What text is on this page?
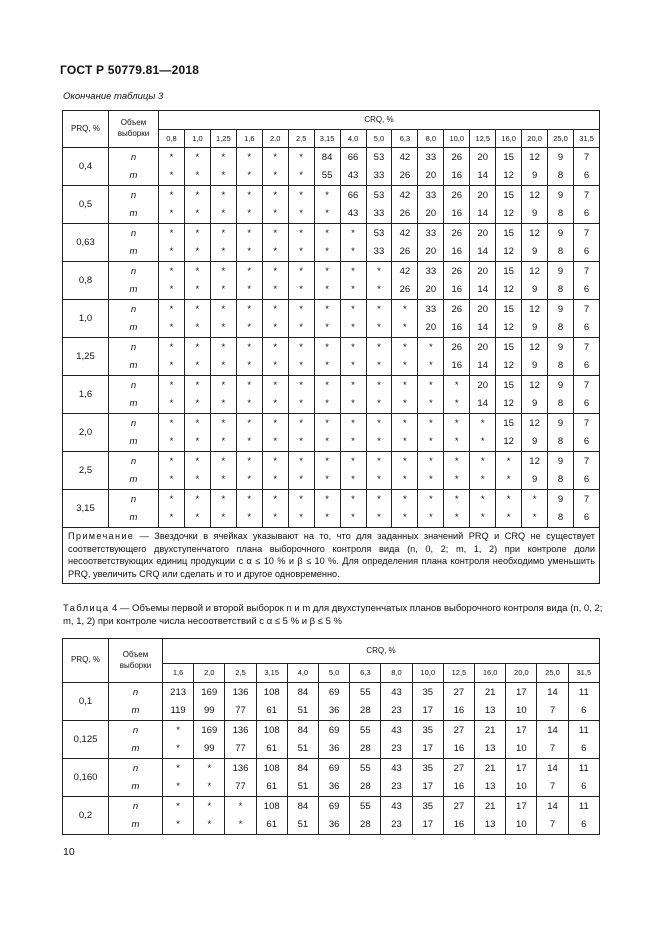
ГОСТ Р 50779.81—2018
Окончание таблицы 3
PRQ, %	Объем выборки	CRQ, %																
		0,8	1,0	1,25	1,6	2,0	2,5	3,15	4,0	5,0	6,3	8,0	10,0	12,5	16,0	20,0	25,0	31,5
0,4	n	*	*	*	*	*	*	84	66	53	42	33	26	20	15	12	9	7
	m	*	*	*	*	*	*	55	43	33	26	20	16	14	12	9	8	6
0,5	n	*	*	*	*	*	*	*	66	53	42	33	26	20	15	12	9	7
	m	*	*	*	*	*	*	*	43	33	26	20	16	14	12	9	8	6
0,63	n	*	*	*	*	*	*	*	*	53	42	33	26	20	15	12	9	7
	m	*	*	*	*	*	*	*	*	33	26	20	16	14	12	9	8	6
0,8	n	*	*	*	*	*	*	*	*	*	42	33	26	20	15	12	9	7
	m	*	*	*	*	*	*	*	*	*	26	20	16	14	12	9	8	6
1,0	n	*	*	*	*	*	*	*	*	*	*	33	26	20	15	12	9	7
	m	*	*	*	*	*	*	*	*	*	*	20	16	14	12	9	8	6
1,25	n	*	*	*	*	*	*	*	*	*	*	*	26	20	15	12	9	7
	m	*	*	*	*	*	*	*	*	*	*	*	16	14	12	9	8	6
1,6	n	*	*	*	*	*	*	*	*	*	*	*	*	20	15	12	9	7
	m	*	*	*	*	*	*	*	*	*	*	*	*	14	12	9	8	6
2,0	n	*	*	*	*	*	*	*	*	*	*	*	*	*	15	12	9	7
	m	*	*	*	*	*	*	*	*	*	*	*	*	*	12	9	8	6
2,5	n	*	*	*	*	*	*	*	*	*	*	*	*	*	*	12	9	7
	m	*	*	*	*	*	*	*	*	*	*	*	*	*	*	9	8	6
3,15	n	*	*	*	*	*	*	*	*	*	*	*	*	*	*	*	9	7
	m	*	*	*	*	*	*	*	*	*	*	*	*	*	*	*	8	6
Примечание — Звездочки в ячейках указывают на то, что для заданных значений PRQ и CRQ не существует соответствующего двухступенчатого плана выборочного контроля вида (n, 0, 2; m, 1, 2) при контроле доли несоответствующих единиц продукции с α ≤ 10 % и β ≤ 10 %. Для определения плана контроля необходимо уменьшить PRQ, увеличить CRQ или сделать и то и другое одновременно.																		
Таблица 4 — Объемы первой и второй выборок n и m для двухступенчатых планов выборочного контроля вида (n, 0, 2; m, 1, 2) при контроле числа несоответствий с α ≤ 5 % и β ≤ 5 %
PRQ, %	Объем выборки	CRQ, %													
		1,6	2,0	2,5	3,15	4,0	5,0	6,3	8,0	10,0	12,5	16,0	20,0	25,0	31,5
0,1	n	213	169	136	108	84	69	55	43	35	27	21	17	14	11
	m	119	99	77	61	51	36	28	23	17	16	13	10	7	6
0,125	n	*	169	136	108	84	69	55	43	35	27	21	17	14	11
	m	*	99	77	61	51	36	28	23	17	16	13	10	7	6
0,160	n	*	*	136	108	84	69	55	43	35	27	21	17	14	11
	m	*	*	77	61	51	36	28	23	17	16	13	10	7	6
0,2	n	*	*	*	108	84	69	55	43	35	27	21	17	14	11
	m	*	*	*	61	51	36	28	23	17	16	13	10	7	6
10
